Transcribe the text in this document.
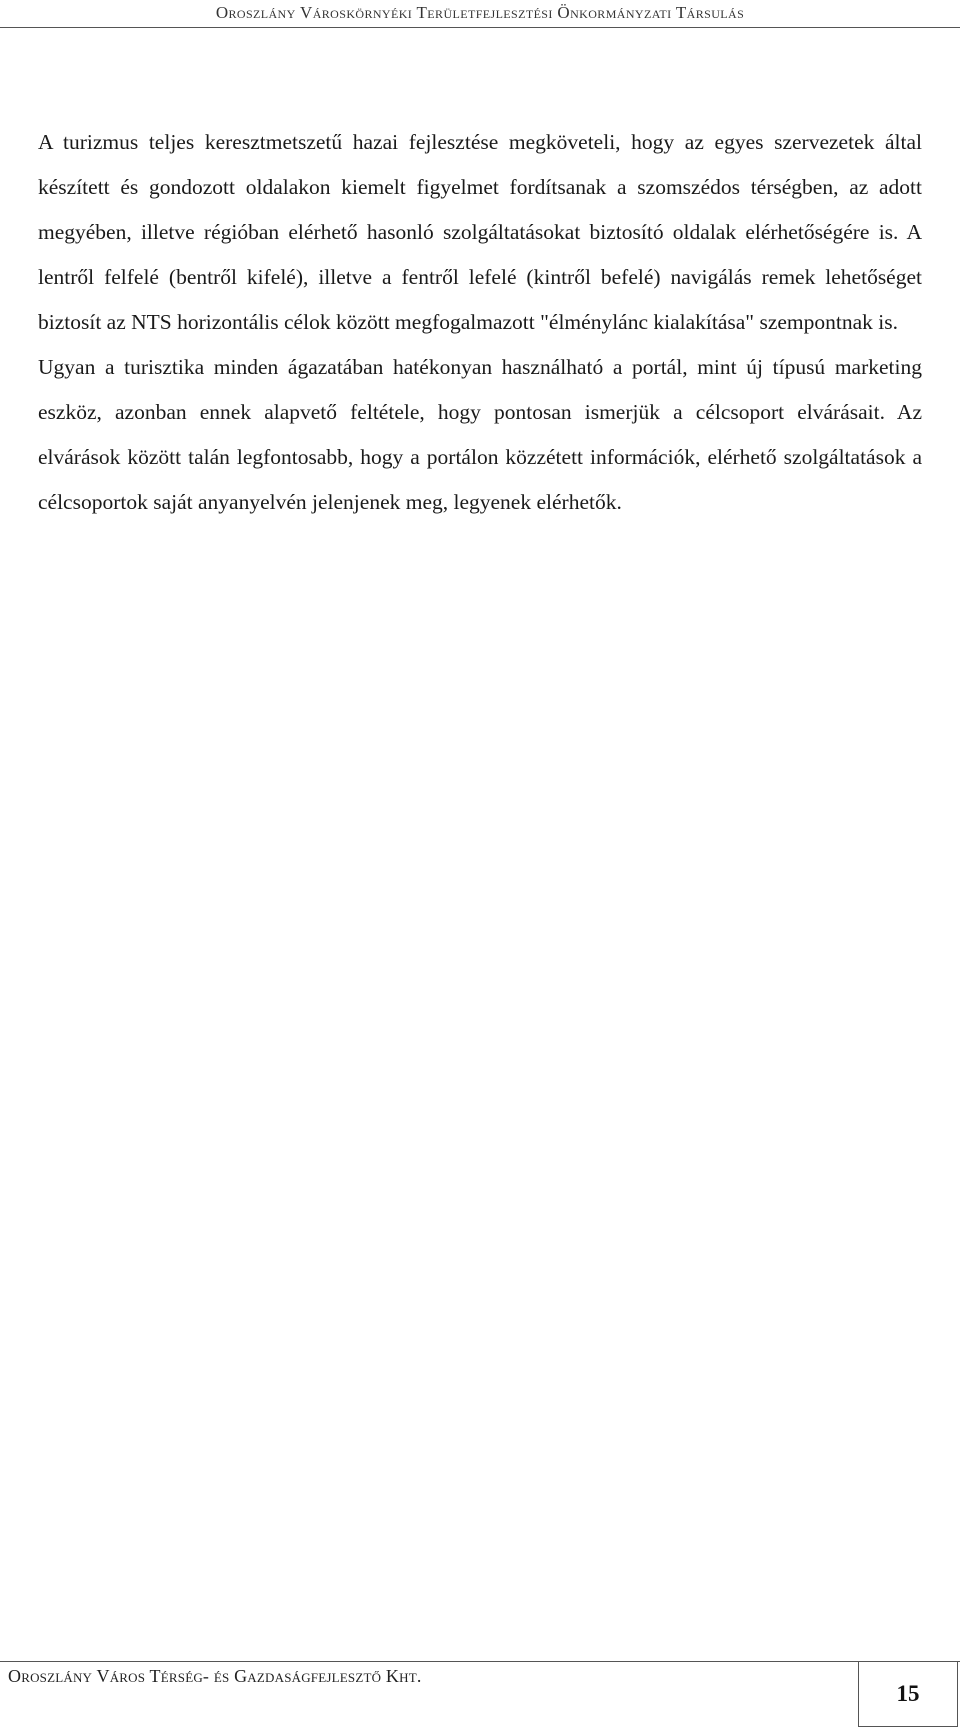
Oroszlány Városkörnyéki Területfejlesztési Önkormányzati Társulás

A turizmus teljes keresztmetszetű hazai fejlesztése megköveteli, hogy az egyes szervezetek által készített és gondozott oldalakon kiemelt figyelmet fordítsanak a szomszédos térségben, az adott megyében, illetve régióban elérhető hasonló szolgáltatásokat biztosító oldalak elérhetőségére is. A lentről felfelé (bentről kifelé), illetve a fentről lefelé (kintről befelé) navigálás remek lehetőséget biztosít az NTS horizontális célok között megfogalmazott "élménylánc kialakítása" szempontnak is.

Ugyan a turisztika minden ágazatában hatékonyan használható a portál, mint új típusú marketing eszköz, azonban ennek alapvető feltétele, hogy pontosan ismerjük a célcsoport elvárásait. Az elvárások között talán legfontosabb, hogy a portálon közzétett információk, elérhető szolgáltatások a célcsoportok saját anyanyelvén jelenjenek meg, legyenek elérhetők.

Oroszlány Város Térség- és Gazdaságfejlesztő Kht.
15
